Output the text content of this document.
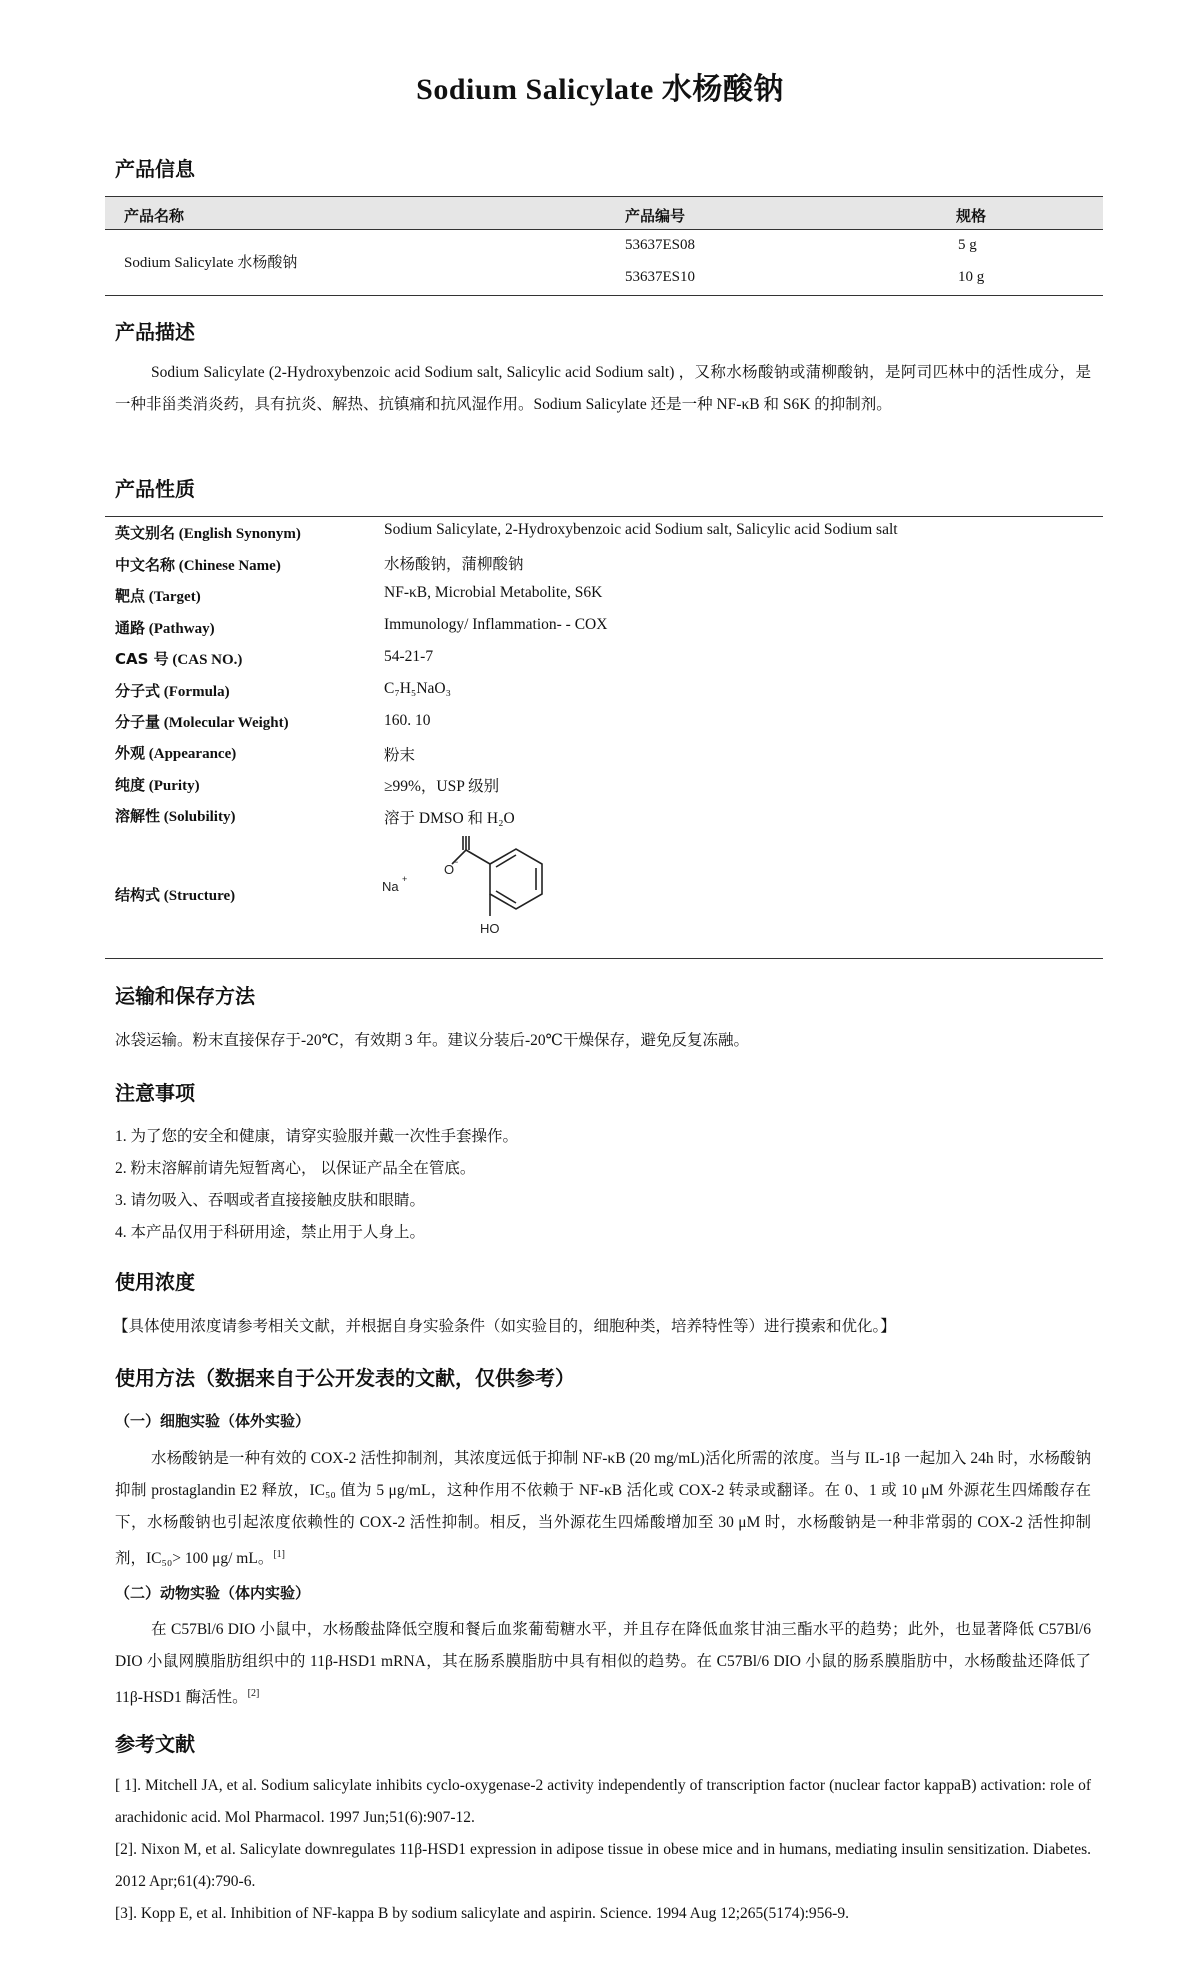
Sodium Salicylate 水杨酸钠
产品信息
产品名称	产品编号	规格
Sodium Salicylate 水杨酸钠
53637ES08	5 g
53637ES10	10 g
产品描述
Sodium Salicylate (2-Hydroxybenzoic acid Sodium salt, Salicylic acid Sodium salt) ，又称水杨酸钠或蒲柳酸钠，是阿司匹林中的活性成分，是一种非甾类消炎药，具有抗炎、解热、抗镇痛和抗风湿作用。Sodium Salicylate 还是一种 NF-κB 和 S6K 的抑制剂。
产品性质
英文别名 (English Synonym)	Sodium Salicylate, 2-Hydroxybenzoic acid Sodium salt, Salicylic acid Sodium salt
中文名称 (Chinese Name)	水杨酸钠，蒲柳酸钠
靶点 (Target)	NF-κB, Microbial Metabolite, S6K
通路 (Pathway)	Immunology/ Inflammation- - COX
CAS 号 (CAS NO.)	54-21-7
分子式 (Formula)	C₇H₅NaO₃
分子量 (Molecular Weight)	160. 10
外观 (Appearance)	粉末
纯度 (Purity)	≥99%，USP 级别
溶解性 (Solubility)	溶于 DMSO 和 H₂O
结构式 (Structure)
O
−
HO
Na +
运输和保存方法
冰袋运输。粉末直接保存于-20℃，有效期 3 年。建议分装后-20℃干燥保存，避免反复冻融。
注意事项
1. 为了您的安全和健康，请穿实验服并戴一次性手套操作。
2. 粉末溶解前请先短暂离心， 以保证产品全在管底。
3. 请勿吸入、吞咽或者直接接触皮肤和眼睛。
4. 本产品仅用于科研用途，禁止用于人身上。
使用浓度
【具体使用浓度请参考相关文献，并根据自身实验条件（如实验目的，细胞种类，培养特性等）进行摸索和优化。】
使用方法（数据来自于公开发表的文献，仅供参考）
（一）细胞实验（体外实验）
水杨酸钠是一种有效的 COX-2 活性抑制剂，其浓度远低于抑制 NF-κB (20 mg/mL)活化所需的浓度。当与 IL-1β 一起加入 24h 时，水杨酸钠抑制 prostaglandin E2 释放，IC₅₀ 值为 5 μg/mL，这种作用不依赖于 NF-κB 活化或 COX-2 转录或翻译。在 0、1 或 10 μM 外源花生四烯酸存在下，水杨酸钠也引起浓度依赖性的 COX-2 活性抑制。相反，当外源花生四烯酸增加至 30 μM 时，水杨酸钠是一种非常弱的 COX-2 活性抑制剂，IC₅₀> 100 μg/ mL。[1]
（二）动物实验（体内实验）
在 C57Bl/6 DIO 小鼠中，水杨酸盐降低空腹和餐后血浆葡萄糖水平，并且存在降低血浆甘油三酯水平的趋势；此外，也显著降低 C57Bl/6 DIO 小鼠网膜脂肪组织中的 11β-HSD1 mRNA，其在肠系膜脂肪中具有相似的趋势。在 C57Bl/6 DIO 小鼠的肠系膜脂肪中，水杨酸盐还降低了 11β-HSD1 酶活性。[2]
参考文献
[ 1]. Mitchell JA, et al. Sodium salicylate inhibits cyclo-oxygenase-2 activity independently of transcription factor (nuclear factor kappaB) activation: role of arachidonic acid. Mol Pharmacol. 1997 Jun;51(6):907-12.
[2]. Nixon M, et al. Salicylate downregulates 11β-HSD1 expression in adipose tissue in obese mice and in humans, mediating insulin sensitization. Diabetes. 2012 Apr;61(4):790-6.
[3]. Kopp E, et al. Inhibition of NF-kappa B by sodium salicylate and aspirin. Science. 1994 Aug 12;265(5174):956-9.
